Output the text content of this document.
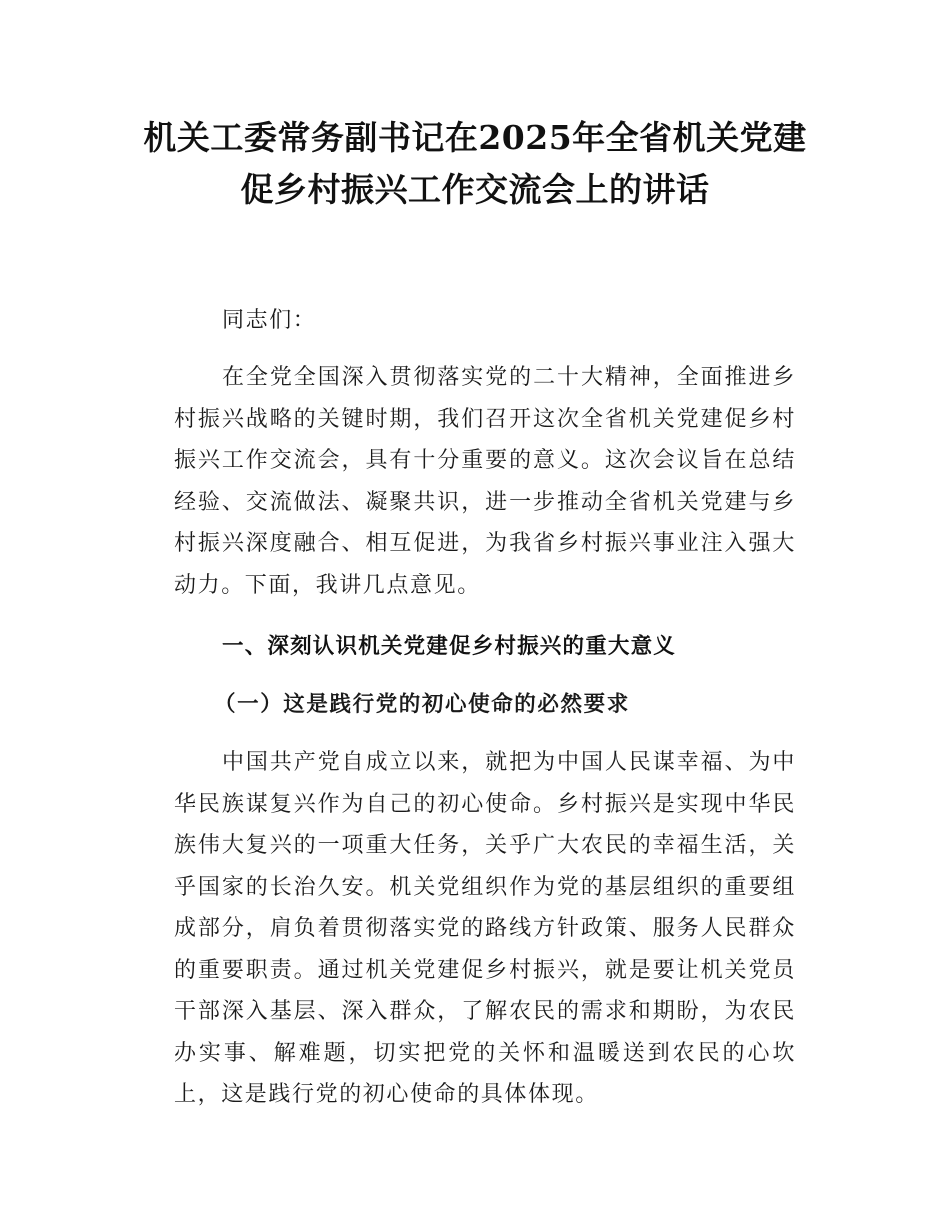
机关工委常务副书记在2025年全省机关党建
促乡村振兴工作交流会上的讲话

同志们：

在全党全国深入贯彻落实党的二十大精神，全面推进乡村振兴战略的关键时期，我们召开这次全省机关党建促乡村振兴工作交流会，具有十分重要的意义。这次会议旨在总结经验、交流做法、凝聚共识，进一步推动全省机关党建与乡村振兴深度融合、相互促进，为我省乡村振兴事业注入强大动力。下面，我讲几点意见。

一、深刻认识机关党建促乡村振兴的重大意义
（一）这是践行党的初心使命的必然要求

中国共产党自成立以来，就把为中国人民谋幸福、为中华民族谋复兴作为自己的初心使命。乡村振兴是实现中华民族伟大复兴的一项重大任务，关乎广大农民的幸福生活，关乎国家的长治久安。机关党组织作为党的基层组织的重要组成部分，肩负着贯彻落实党的路线方针政策、服务人民群众的重要职责。通过机关党建促乡村振兴，就是要让机关党员干部深入基层、深入群众，了解农民的需求和期盼，为农民办实事、解难题，切实把党的关怀和温暖送到农民的心坎上，这是践行党的初心使命的具体体现。
